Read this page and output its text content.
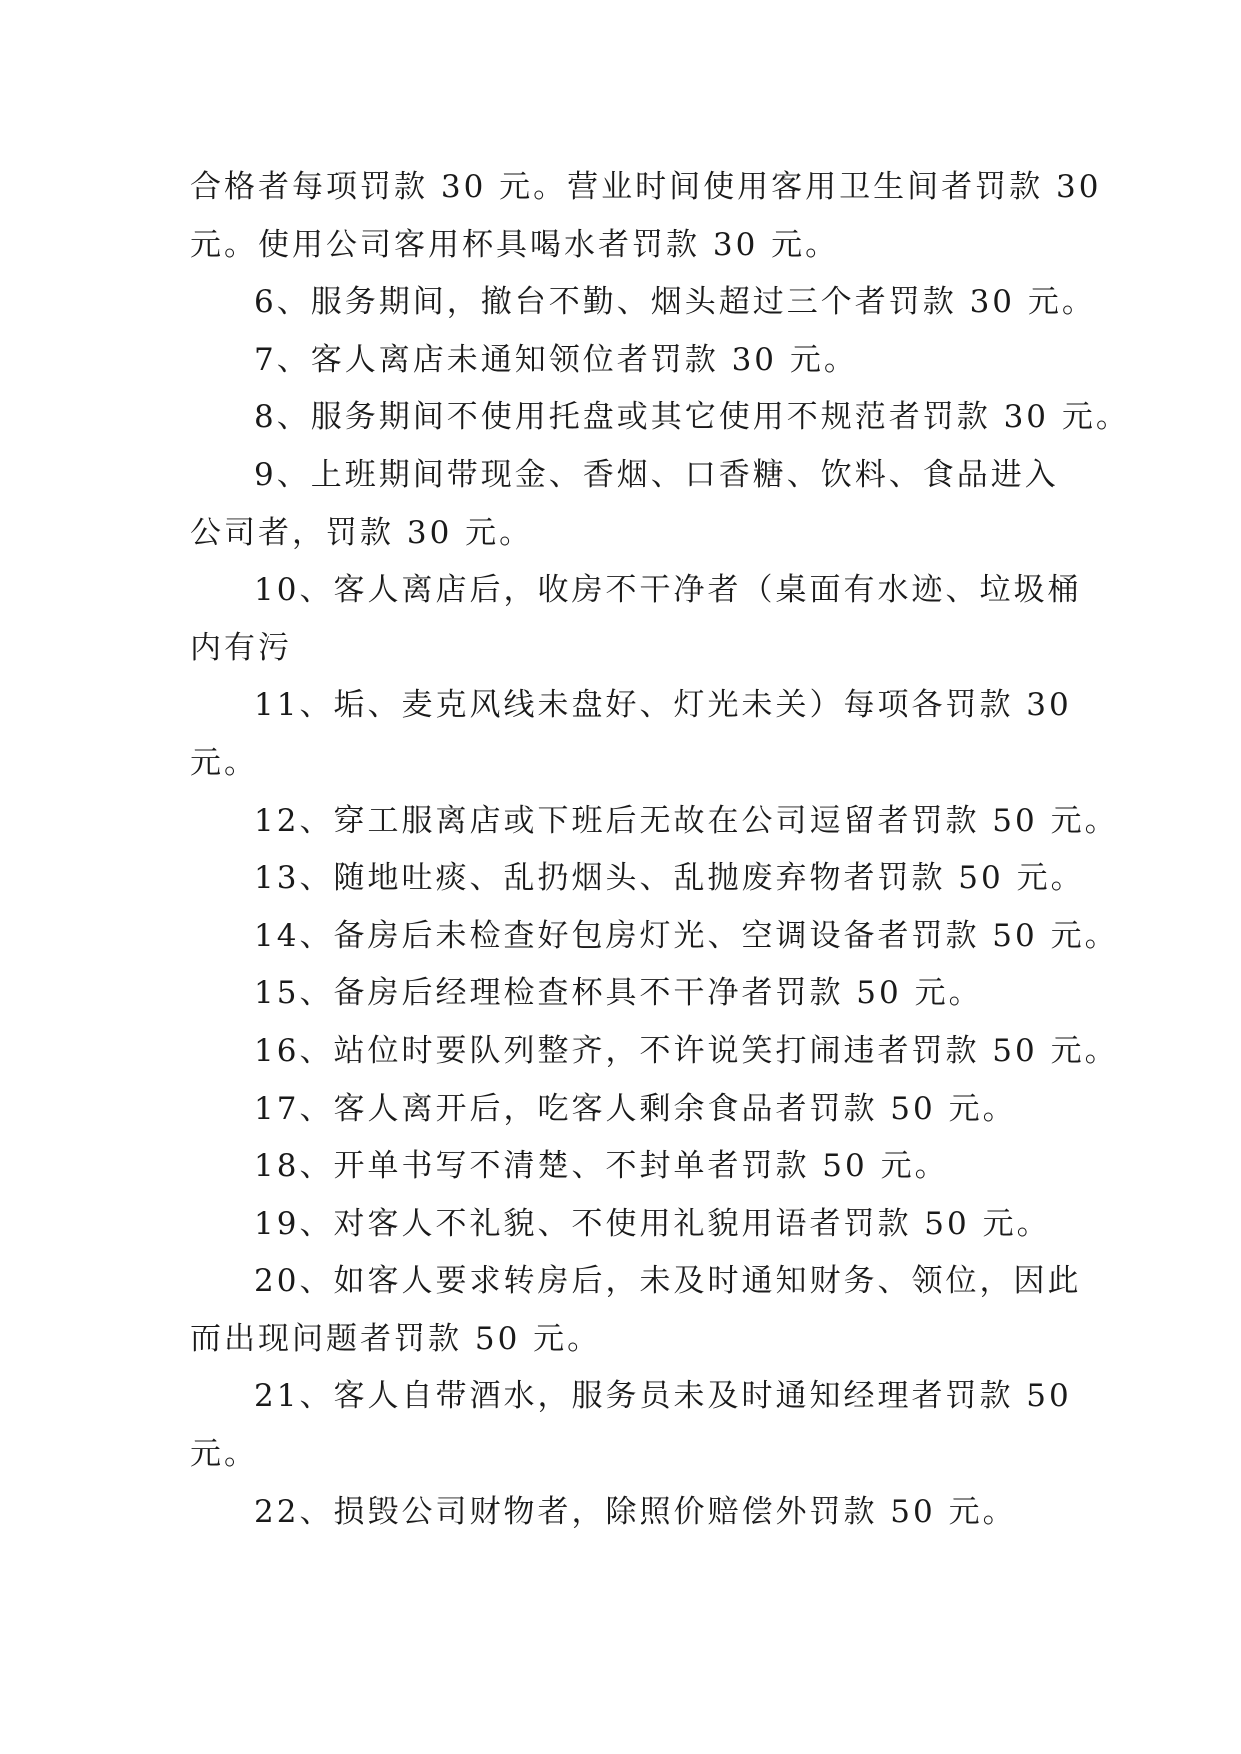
合格者每项罚款 30 元。营业时间使用客用卫生间者罚款 30
元。使用公司客用杯具喝水者罚款 30 元。
6、服务期间，撤台不勤、烟头超过三个者罚款 30 元。
7、客人离店未通知领位者罚款 30 元。
8、服务期间不使用托盘或其它使用不规范者罚款 30 元。
9、上班期间带现金、香烟、口香糖、饮料、食品进入
公司者，罚款 30 元。
10、客人离店后，收房不干净者（桌面有水迹、垃圾桶
内有污
11、垢、麦克风线未盘好、灯光未关）每项各罚款 30
元。
12、穿工服离店或下班后无故在公司逗留者罚款 50 元。
13、随地吐痰、乱扔烟头、乱抛废弃物者罚款 50 元。
14、备房后未检查好包房灯光、空调设备者罚款 50 元。
15、备房后经理检查杯具不干净者罚款 50 元。
16、站位时要队列整齐，不许说笑打闹违者罚款 50 元。
17、客人离开后，吃客人剩余食品者罚款 50 元。
18、开单书写不清楚、不封单者罚款 50 元。
19、对客人不礼貌、不使用礼貌用语者罚款 50 元。
20、如客人要求转房后，未及时通知财务、领位，因此
而出现问题者罚款 50 元。
21、客人自带酒水，服务员未及时通知经理者罚款 50
元。
22、损毁公司财物者，除照价赔偿外罚款 50 元。
